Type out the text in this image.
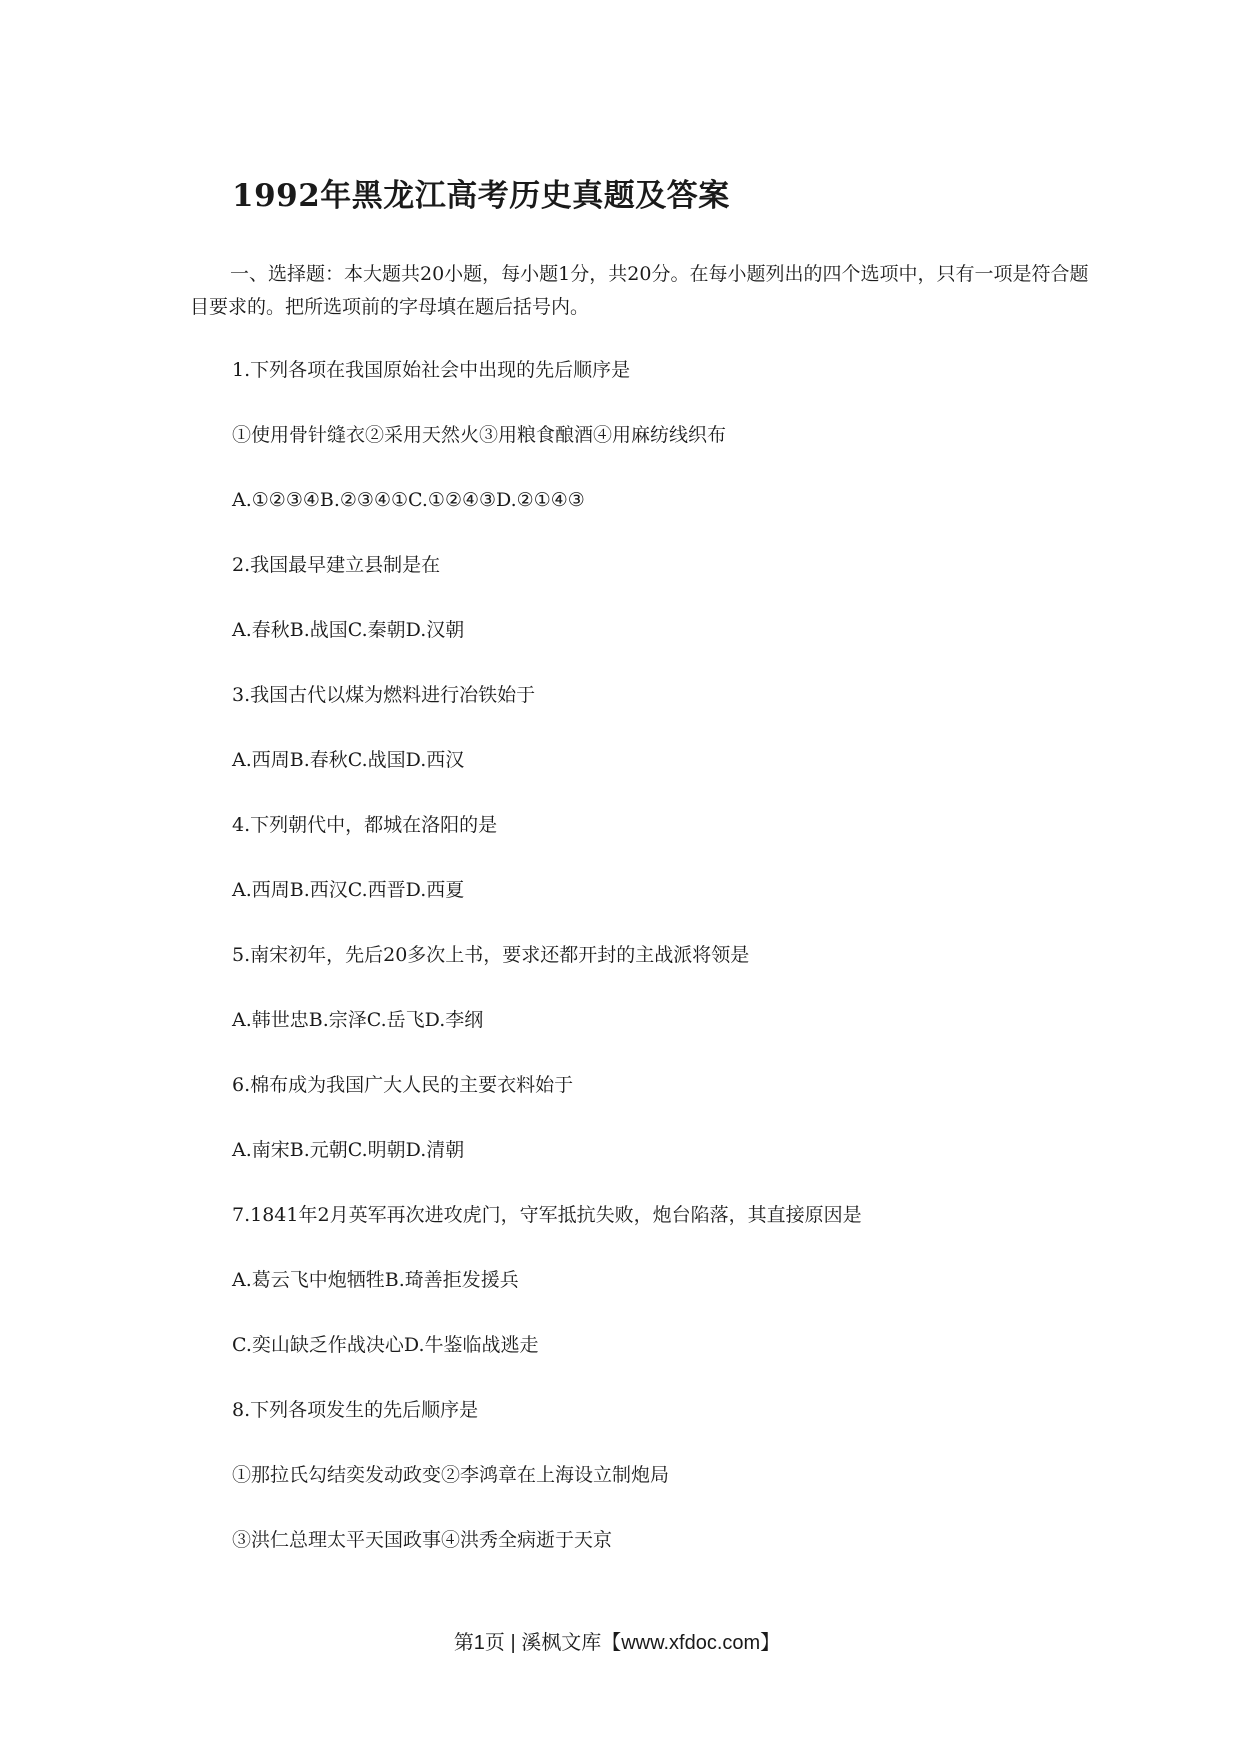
1992年黑龙江高考历史真题及答案
一、选择题：本大题共20小题，每小题1分，共20分。在每小题列出的四个选项中，只有一项是符合题目要求的。把所选项前的字母填在题后括号内。
1.下列各项在我国原始社会中出现的先后顺序是
①使用骨针缝衣②采用天然火③用粮食酿酒④用麻纺线织布
A.①②③④B.②③④①C.①②④③D.②①④③
2.我国最早建立县制是在
A.春秋B.战国C.秦朝D.汉朝
3.我国古代以煤为燃料进行冶铁始于
A.西周B.春秋C.战国D.西汉
4.下列朝代中，都城在洛阳的是
A.西周B.西汉C.西晋D.西夏
5.南宋初年，先后20多次上书，要求还都开封的主战派将领是
A.韩世忠B.宗泽C.岳飞D.李纲
6.棉布成为我国广大人民的主要衣料始于
A.南宋B.元朝C.明朝D.清朝
7.1841年2月英军再次进攻虎门，守军抵抗失败，炮台陷落，其直接原因是
A.葛云飞中炮牺牲B.琦善拒发援兵
C.奕山缺乏作战决心D.牛鉴临战逃走
8.下列各项发生的先后顺序是
①那拉氏勾结奕发动政变②李鸿章在上海设立制炮局
③洪仁总理太平天国政事④洪秀全病逝于天京
第1页 | 溪枫文库【www.xfdoc.com】
